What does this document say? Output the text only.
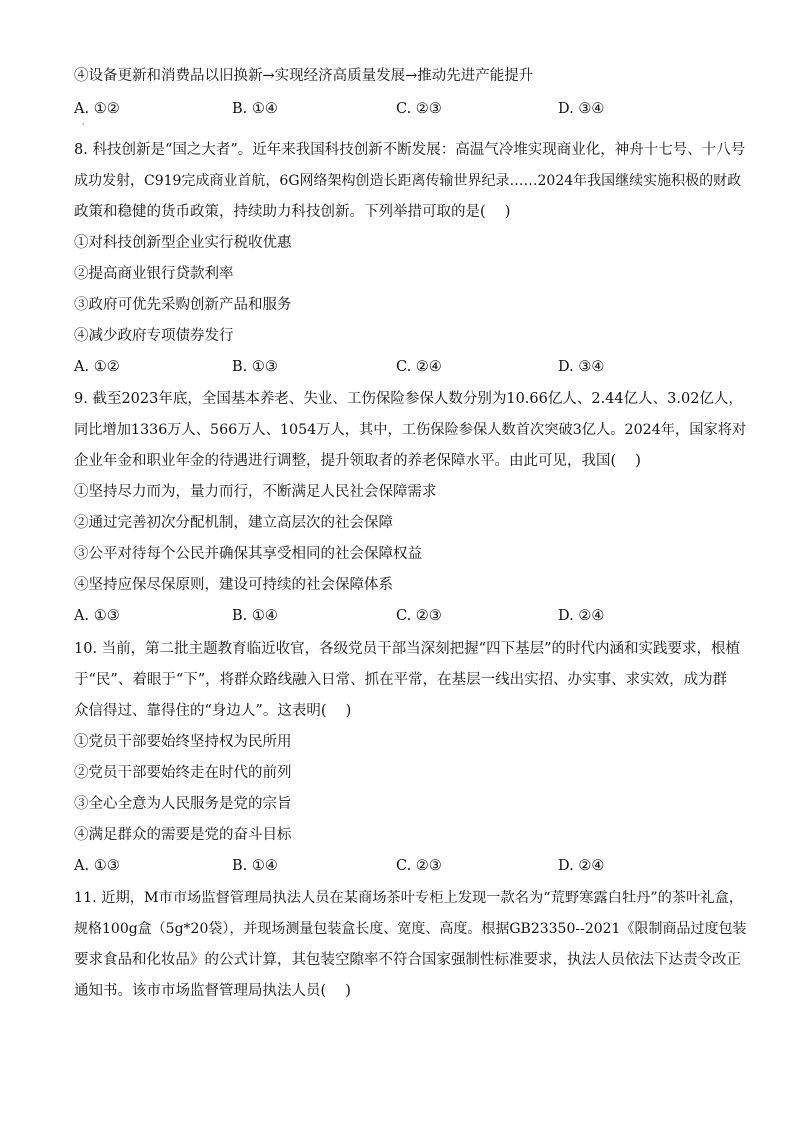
④设备更新和消费品以旧换新→实现经济高质量发展→推动先进产能提升
A. ①②	B. ①④	C. ②③	D. ③④
·
8. 科技创新是“国之大者”。近年来我国科技创新不断发展：高温气冷堆实现商业化，神舟十七号、十八号
成功发射，C919完成商业首航，6G网络架构创造长距离传输世界纪录……2024年我国继续实施积极的财政
政策和稳健的货币政策，持续助力科技创新。下列举措可取的是(　 )
①对科技创新型企业实行税收优惠
②提高商业银行贷款利率
③政府可优先采购创新产品和服务
④减少政府专项债券发行
A. ①②	B. ①③	C. ②④	D. ③④
9. 截至2023年底，全国基本养老、失业、工伤保险参保人数分别为10.66亿人、2.44亿人、3.02亿人，
同比增加1336万人、566万人、1054万人，其中，工伤保险参保人数首次突破3亿人。2024年，国家将对
企业年金和职业年金的待遇进行调整，提升领取者的养老保障水平。由此可见，我国(　 )
①坚持尽力而为，量力而行，不断满足人民社会保障需求
②通过完善初次分配机制，建立高层次的社会保障
③公平对待每个公民并确保其享受相同的社会保障权益
④坚持应保尽保原则，建设可持续的社会保障体系
A. ①③	B. ①④	C. ②③	D. ②④
10. 当前，第二批主题教育临近收官，各级党员干部当深刻把握“四下基层”的时代内涵和实践要求，根植
于“民”、着眼于“下”，将群众路线融入日常、抓在平常，在基层一线出实招、办实事、求实效，成为群
众信得过、靠得住的“身边人”。这表明(　 )
①党员干部要始终坚持权为民所用
②党员干部要始终走在时代的前列
③全心全意为人民服务是党的宗旨
④满足群众的需要是党的奋斗目标
A. ①③	B. ①④	C. ②③	D. ②④
11. 近期，M市市场监督管理局执法人员在某商场茶叶专柜上发现一款名为“荒野寒露白牡丹”的茶叶礼盒，
规格100g盒（5g*20袋），并现场测量包装盒长度、宽度、高度。根据GB23350--2021《限制商品过度包装
要求食品和化妆品》的公式计算，其包装空隙率不符合国家强制性标准要求，执法人员依法下达责令改正
通知书。该市市场监督管理局执法人员(　 )
